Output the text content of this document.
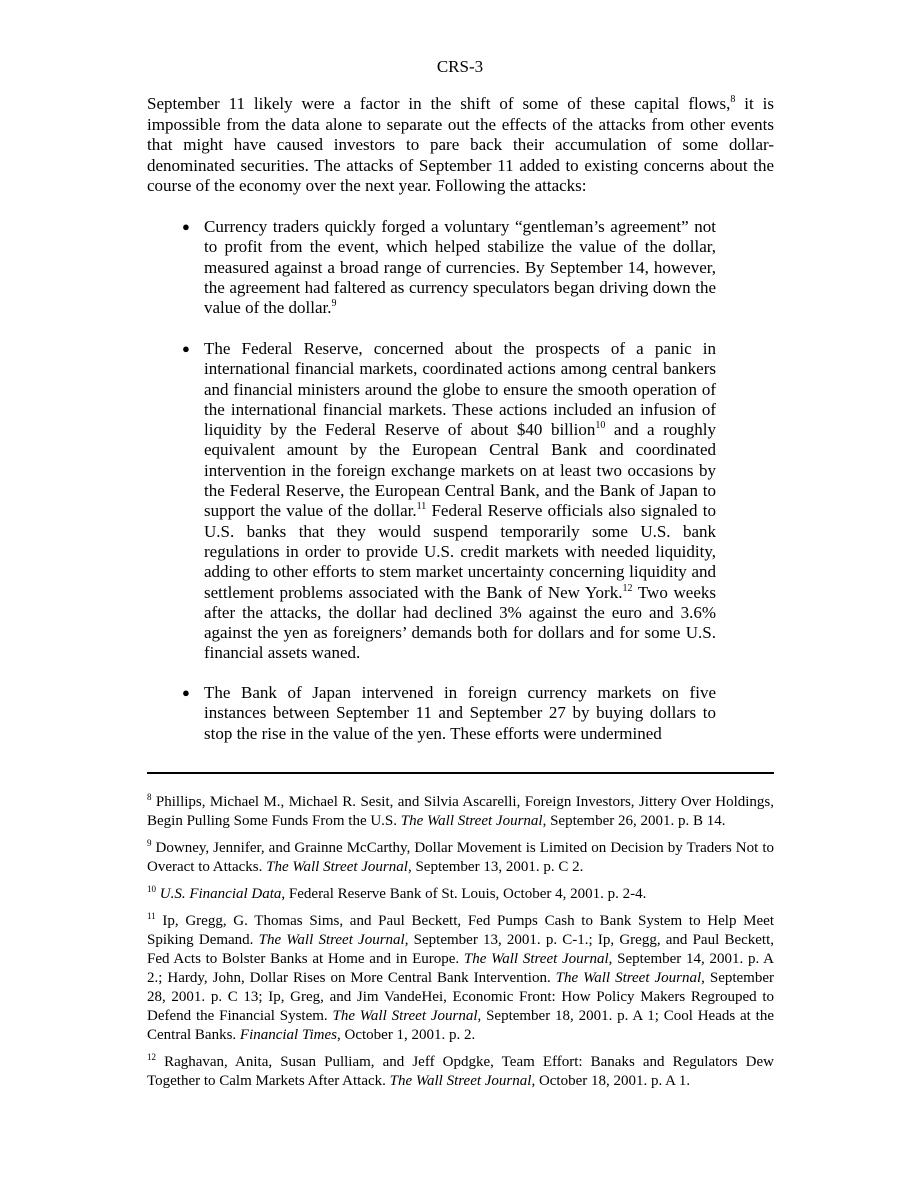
CRS-3

September 11 likely were a factor in the shift of some of these capital flows,$^8$ it is impossible from the data alone to separate out the effects of the attacks from other events that might have caused investors to pare back their accumulation of some dollar-denominated securities. The attacks of September 11 added to existing concerns about the course of the economy over the next year. Following the attacks:

● Currency traders quickly forged a voluntary “gentleman’s agreement” not to profit from the event, which helped stabilize the value of the dollar, measured against a broad range of currencies. By September 14, however, the agreement had faltered as currency speculators began driving down the value of the dollar.$^9$
● The Federal Reserve, concerned about the prospects of a panic in international financial markets, coordinated actions among central bankers and financial ministers around the globe to ensure the smooth operation of the international financial markets. These actions included an infusion of liquidity by the Federal Reserve of about $40 billion$^{10}$ and a roughly equivalent amount by the European Central Bank and coordinated intervention in the foreign exchange markets on at least two occasions by the Federal Reserve, the European Central Bank, and the Bank of Japan to support the value of the dollar.$^{11}$ Federal Reserve officials also signaled to U.S. banks that they would suspend temporarily some U.S. bank regulations in order to provide U.S. credit markets with needed liquidity, adding to other efforts to stem market uncertainty concerning liquidity and settlement problems associated with the Bank of New York.$^{12}$ Two weeks after the attacks, the dollar had declined 3% against the euro and 3.6% against the yen as foreigners’ demands both for dollars and for some U.S. financial assets waned.
● The Bank of Japan intervened in foreign currency markets on five instances between September 11 and September 27 by buying dollars to stop the rise in the value of the yen. These efforts were undermined

$^8$ Phillips, Michael M., Michael R. Sesit, and Silvia Ascarelli, Foreign Investors, Jittery Over Holdings, Begin Pulling Some Funds From the U.S. The Wall Street Journal, September 26, 2001. p. B 14.

$^9$ Downey, Jennifer, and Grainne McCarthy, Dollar Movement is Limited on Decision by Traders Not to Overact to Attacks. The Wall Street Journal, September 13, 2001. p. C 2.

$^{10}$ U.S. Financial Data, Federal Reserve Bank of St. Louis, October 4, 2001. p. 2-4.

$^{11}$ Ip, Gregg, G. Thomas Sims, and Paul Beckett, Fed Pumps Cash to Bank System to Help Meet Spiking Demand. The Wall Street Journal, September 13, 2001. p. C-1.; Ip, Gregg, and Paul Beckett, Fed Acts to Bolster Banks at Home and in Europe. The Wall Street Journal, September 14, 2001. p. A 2.; Hardy, John, Dollar Rises on More Central Bank Intervention. The Wall Street Journal, September 28, 2001. p. C 13; Ip, Greg, and Jim VandeHei, Economic Front: How Policy Makers Regrouped to Defend the Financial System. The Wall Street Journal, September 18, 2001. p. A 1; Cool Heads at the Central Banks. Financial Times, October 1, 2001. p. 2.

$^{12}$ Raghavan, Anita, Susan Pulliam, and Jeff Opdgke, Team Effort: Banaks and Regulators Dew Together to Calm Markets After Attack. The Wall Street Journal, October 18, 2001. p. A 1.
